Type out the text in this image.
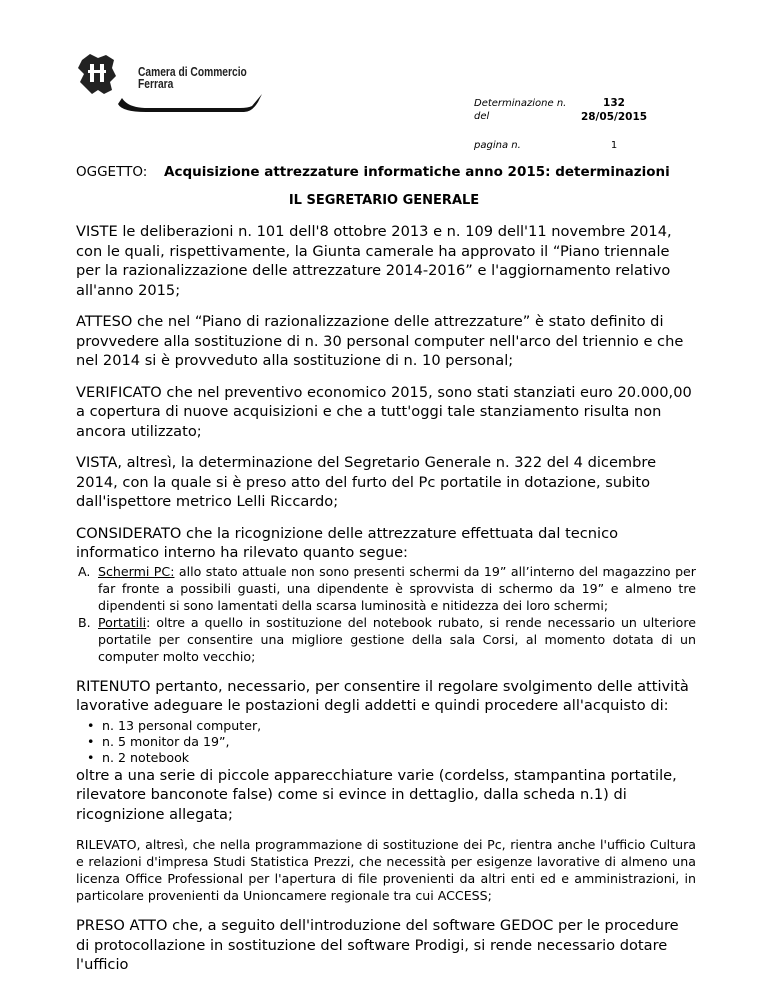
Camera di Commercio
Ferrara
Determinazione n.
del
pagina n.
132
28/05/2015
1
OGGETTO: Acquisizione attrezzature informatiche anno 2015: determinazioni
IL SEGRETARIO GENERALE

VISTE le deliberazioni n. 101 dell'8 ottobre 2013 e n. 109 dell'11 novembre 2014, con le quali, rispettivamente, la Giunta camerale ha approvato il “Piano triennale per la razionalizzazione delle attrezzature 2014-2016” e l'aggiornamento relativo all'anno 2015;

ATTESO che nel “Piano di razionalizzazione delle attrezzature” è stato definito di provvedere alla sostituzione di n. 30 personal computer nell'arco del triennio e che nel 2014 si è provveduto alla sostituzione di n. 10 personal;

VERIFICATO che nel preventivo economico 2015, sono stati stanziati euro 20.000,00 a copertura di nuove acquisizioni e che a tutt'oggi tale stanziamento risulta non ancora utilizzato;

VISTA, altresì, la determinazione del Segretario Generale n. 322 del 4 dicembre 2014, con la quale si è preso atto del furto del Pc portatile in dotazione, subito dall'ispettore metrico Lelli Riccardo;

CONSIDERATO che la ricognizione delle attrezzature effettuata dal tecnico informatico interno ha rilevato quanto segue:

A. Schermi PC: allo stato attuale non sono presenti schermi da 19” all’interno del magazzino per far fronte a possibili guasti, una dipendente è sprovvista di schermo da 19” e almeno tre dipendenti si sono lamentati della scarsa luminosità e nitidezza dei loro schermi;
B. Portatili: oltre a quello in sostituzione del notebook rubato, si rende necessario un ulteriore portatile per consentire una migliore gestione della sala Corsi, al momento dotata di un computer molto vecchio;

RITENUTO pertanto, necessario, per consentire il regolare svolgimento delle attività lavorative adeguare le postazioni degli addetti e quindi procedere all'acquisto di:

• n. 13 personal computer,
• n. 5 monitor da 19”,
• n. 2 notebook

oltre a una serie di piccole apparecchiature varie (cordelss, stampantina portatile, rilevatore banconote false) come si evince in dettaglio, dalla scheda n.1) di ricognizione allegata;

RILEVATO, altresì, che nella programmazione di sostituzione dei Pc, rientra anche l'ufficio Cultura e relazioni d'impresa Studi Statistica Prezzi, che necessità per esigenze lavorative di almeno una licenza Office Professional per l'apertura di file provenienti da altri enti ed e amministrazioni, in particolare provenienti da Unioncamere regionale tra cui ACCESS;

PRESO ATTO che, a seguito dell'introduzione del software GEDOC per le procedure di protocollazione in sostituzione del software Prodigi, si rende necessario dotare l'ufficio
